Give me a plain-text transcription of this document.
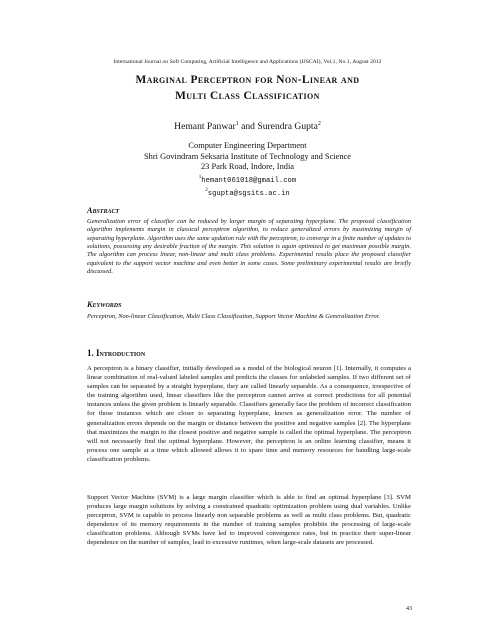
International Journal on Soft Computing, Artificial Intelligence and Applications (IJSCAI), Vol.1, No.1, August 2012
Marginal Perceptron for Non-Linear and
Multi Class Classification
Hemant Panwar$^1$ and Surendra Gupta$^2$
Computer Engineering Department
Shri Govindram Seksaria Institute of Technology and Science
23 Park Road, Indore, India
$^1$hemant061018@gmail.com
$^2$sgupta@sgsits.ac.in
Abstract
Generalization error of classifier can be reduced by larger margin of separating hyperplane. The proposed classification algorithm implements margin in classical perceptron algorithm, to reduce generalized errors by maximizing margin of separating hyperplane. Algorithm uses the same updation rule with the perceptron, to converge in a finite number of updates to solutions, possessing any desirable fraction of the margin. This solution is again optimized to get maximum possible margin. The algorithm can process linear, non-linear and multi class problems. Experimental results place the proposed classifier equivalent to the support vector machine and even better in some cases. Some preliminary experimental results are briefly discussed.
Keywords
Perceptron, Non-linear Classification, Multi Class Classification, Support Vector Machine & Generalization Error.
1. Introduction
A perceptron is a binary classifier, initially developed as a model of the biological neuron [1]. Internally, it computes a linear combination of real-valued labeled samples and predicts the classes for unlabeled samples. If two different set of samples can be separated by a straight hyperplane, they are called linearly separable. As a consequence, irrespective of the training algorithm used, linear classifiers like the perceptron cannot arrive at correct predictions for all potential instances unless the given problem is linearly separable. Classifiers generally face the problem of incorrect classification for those instances which are closer to separating hyperplane, known as generalization error. The number of generalization errors depends on the margin or distance between the positive and negative samples [2]. The hyperplane that maximizes the margin to the closest positive and negative sample is called the optimal hyperplane. The perceptron will not necessarily find the optimal hyperplane. However, the perceptron is an online learning classifier, means it process one sample at a time which allowed allows it to spare time and memory resources for handling large-scale classification problems.
Support Vector Machine (SVM) is a large margin classifier which is able to find an optimal hyperplane [3]. SVM produces large margin solutions by solving a constrained quadratic optimization problem using dual variables. Unlike perceptron, SVM is capable to process linearly non separable problems as well as multi class problems. But, quadratic dependence of its memory requirements in the number of training samples prohibits the processing of large-scale classification problems. Although SVMs have led to improved convergence rates, but in practice their super-linear dependence on the number of samples, lead to excessive runtimes, when large-scale datasets are processed.
43
